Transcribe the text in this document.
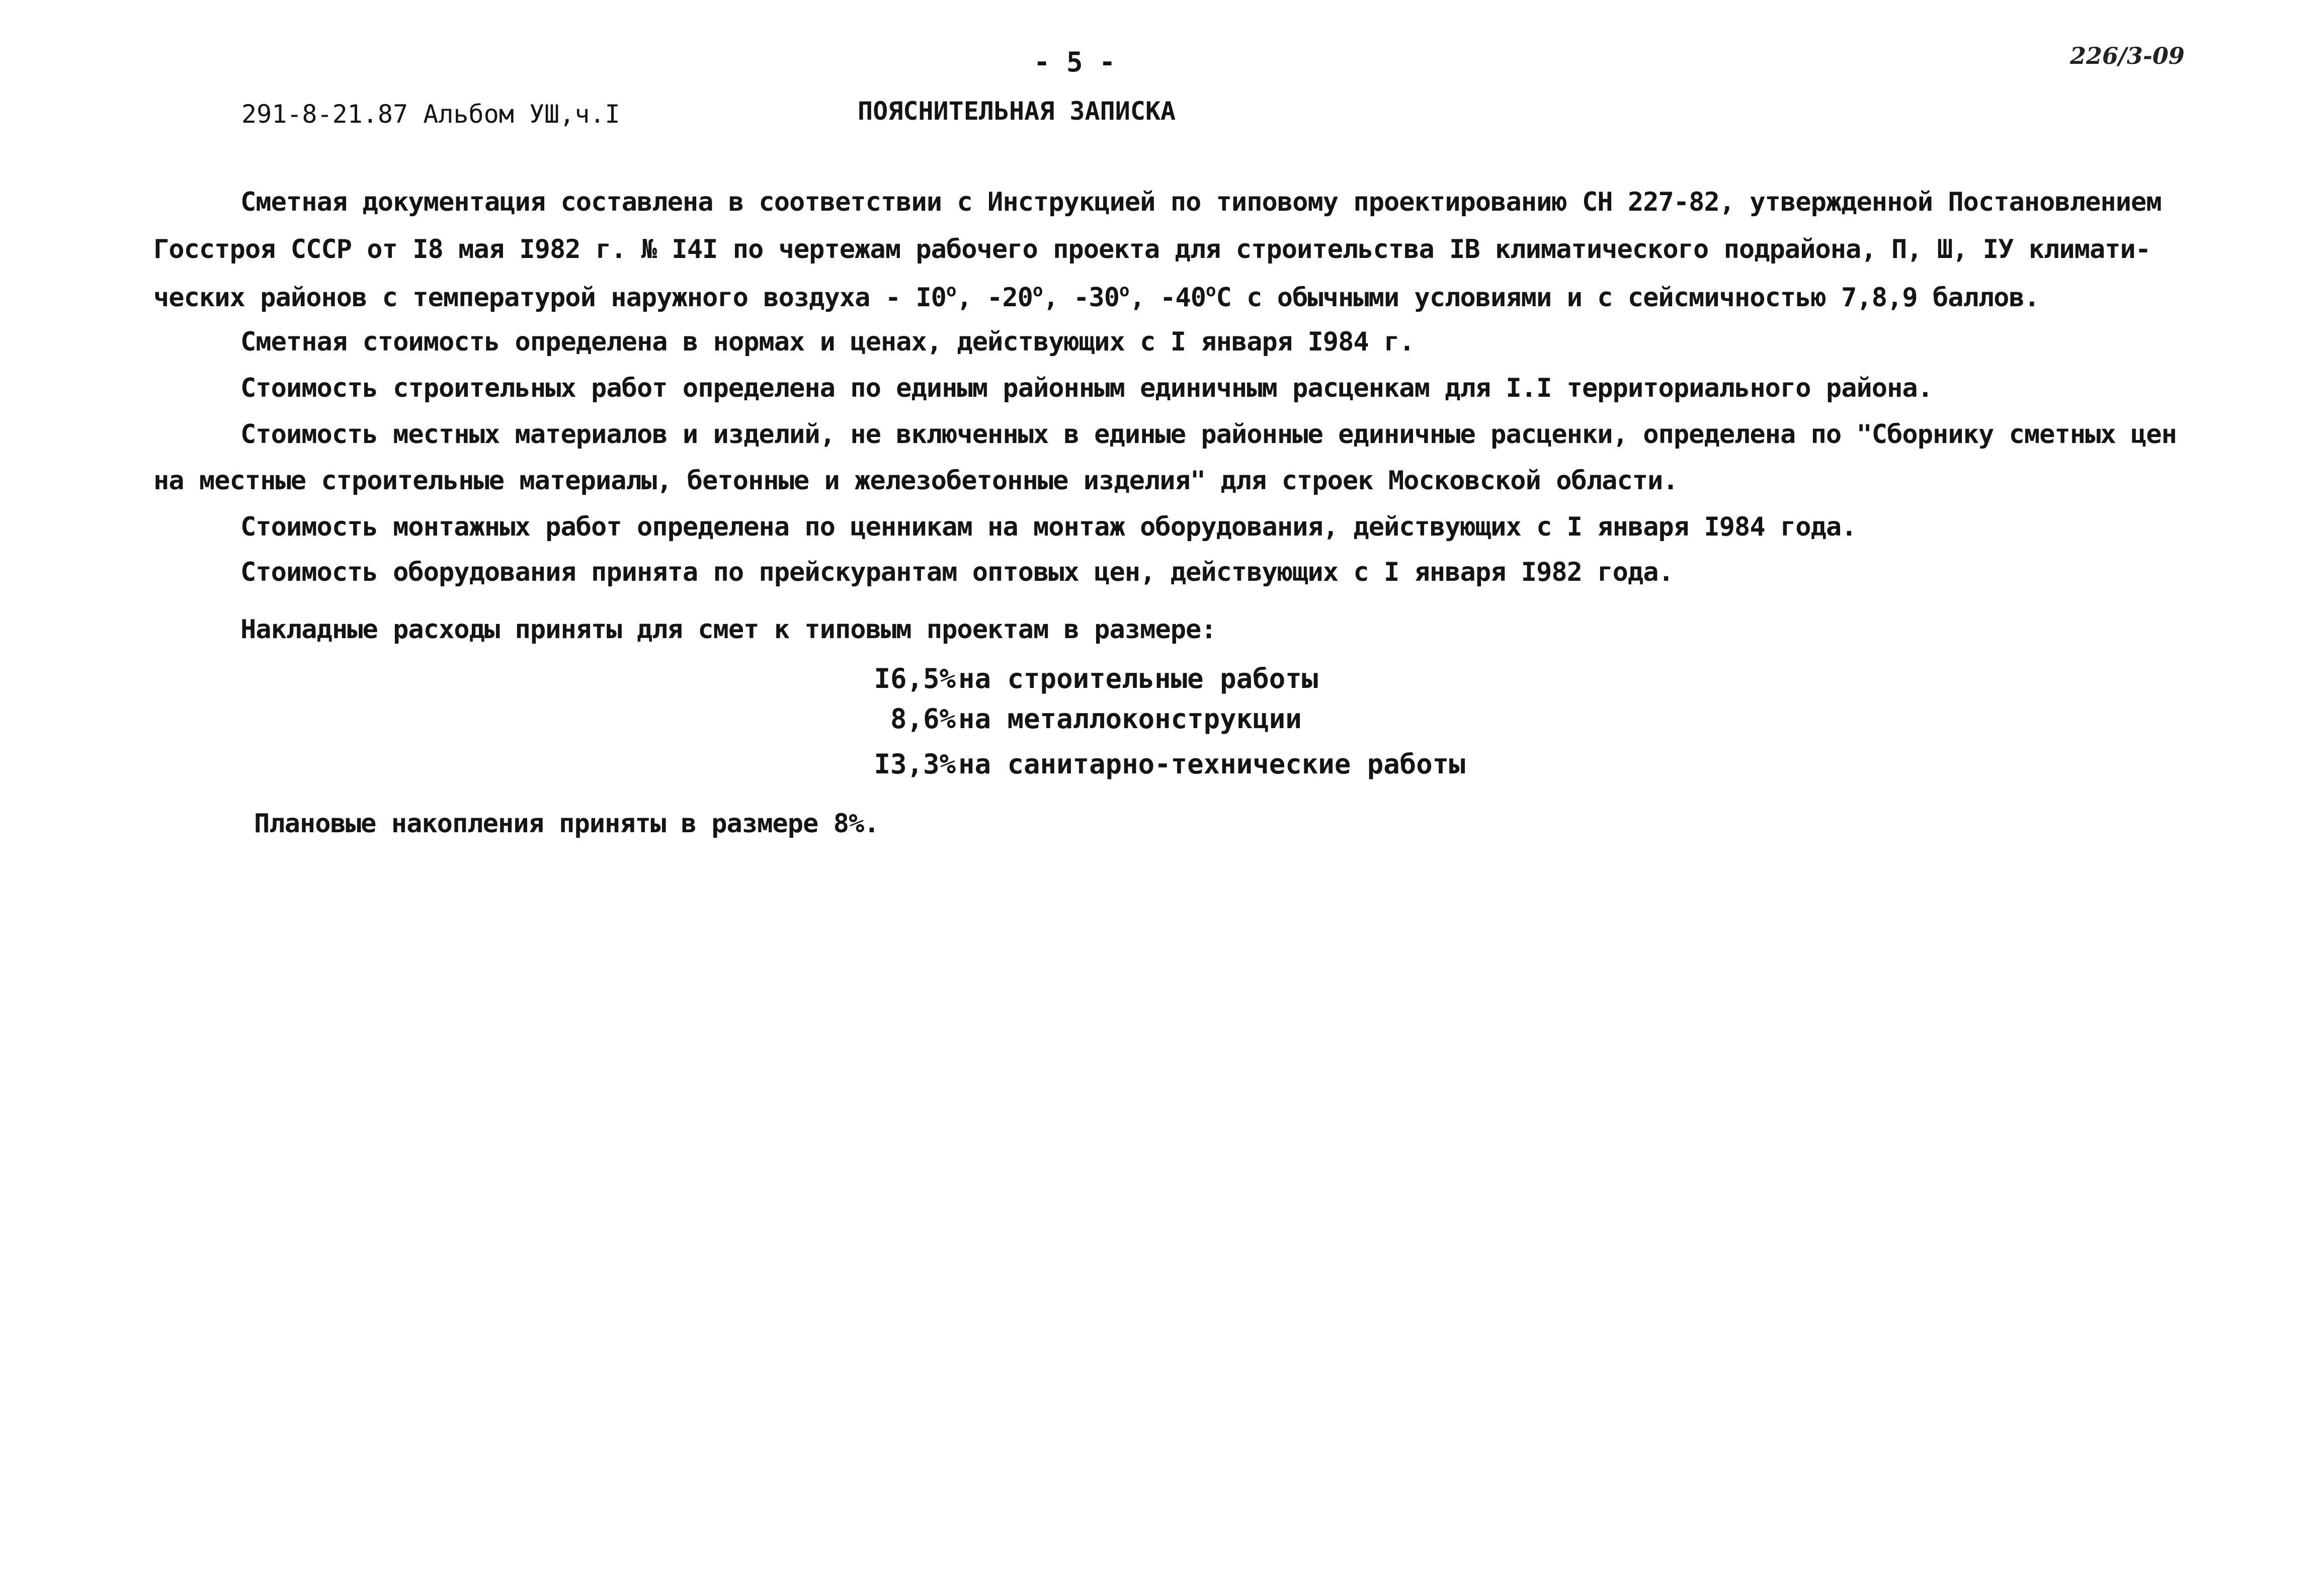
- 5 -	226/3-09
291-8-21.87 Альбом УШ,ч.I	ПОЯСНИТЕЛЬНАЯ ЗАПИСКА
Сметная документация составлена в соответствии с Инструкцией по типовому проектированию СН 227-82, утвержденной Постановлением
Госстроя СССР от I8 мая I982 г. № I4I по чертежам рабочего проекта для строительства IВ климатического подрайона, П, Ш, IУ климати-
ческих районов с температурой наружного воздуха - $I0^о$, $-20^о$, $-30^о$, $-40^оС$ с обычными условиями и с сейсмичностью 7,8,9 баллов.
Сметная стоимость определена в нормах и ценах, действующих с I января I984 г.
Стоимость строительных работ определена по единым районным единичным расценкам для I.I территориального района.
Стоимость местных материалов и изделий, не включенных в единые районные единичные расценки, определена по "Сборнику сметных цен
на местные строительные материалы, бетонные и железобетонные изделия" для строек Московской области.
Стоимость монтажных работ определена по ценникам на монтаж оборудования, действующих с I января I984 года.
Стоимость оборудования принята по прейскурантам оптовых цен, действующих с I января I982 года.
Накладные расходы приняты для смет к типовым проектам в размере:
I6,5% на строительные работы
8,6% на металлоконструкции
I3,3% на санитарно-технические работы
Плановые накопления приняты в размере 8%.
